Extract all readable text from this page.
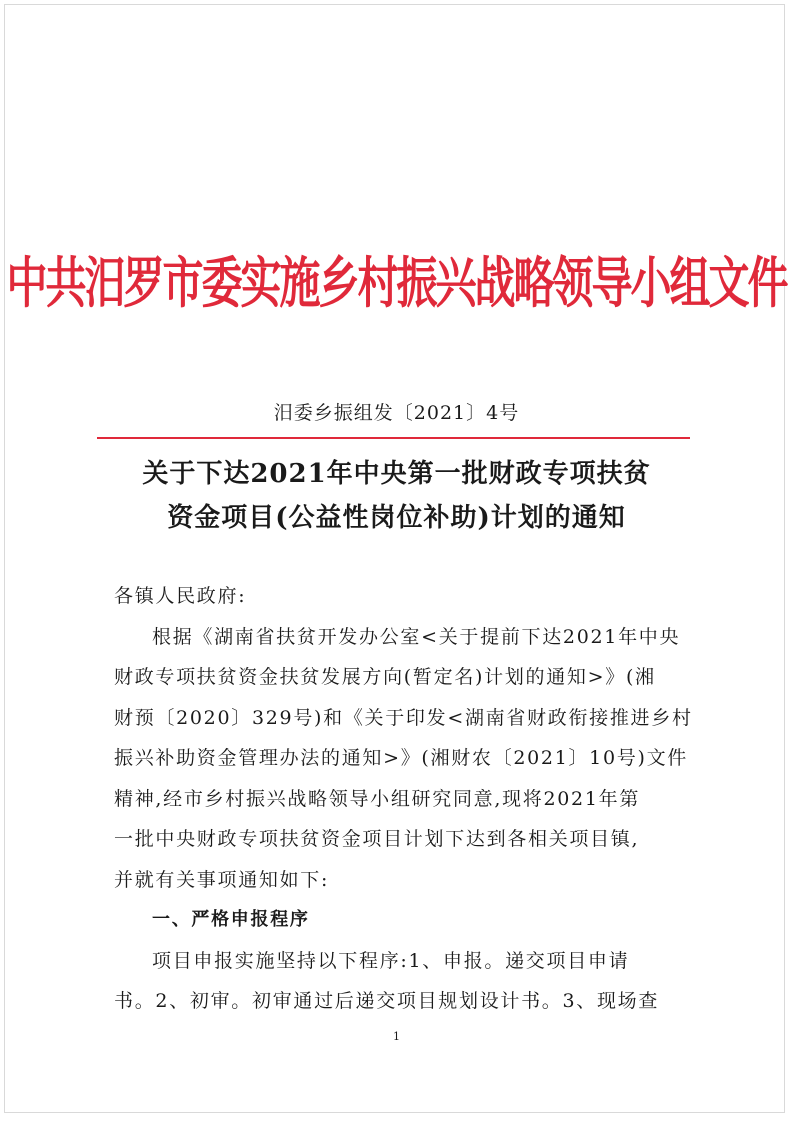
中共汨罗市委实施乡村振兴战略领导小组文件
汨委乡振组发〔2021〕4号
关于下达2021年中央第一批财政专项扶贫
资金项目(公益性岗位补助)计划的通知
各镇人民政府:
根据《湖南省扶贫开发办公室<关于提前下达2021年中央
财政专项扶贫资金扶贫发展方向(暂定名)计划的通知>》(湘
财预〔2020〕329号)和《关于印发<湖南省财政衔接推进乡村
振兴补助资金管理办法的通知>》(湘财农〔2021〕10号)文件
精神,经市乡村振兴战略领导小组研究同意,现将2021年第
一批中央财政专项扶贫资金项目计划下达到各相关项目镇,
并就有关事项通知如下:
一、严格申报程序
项目申报实施坚持以下程序:1、申报。递交项目申请
书。2、初审。初审通过后递交项目规划设计书。3、现场查
1
